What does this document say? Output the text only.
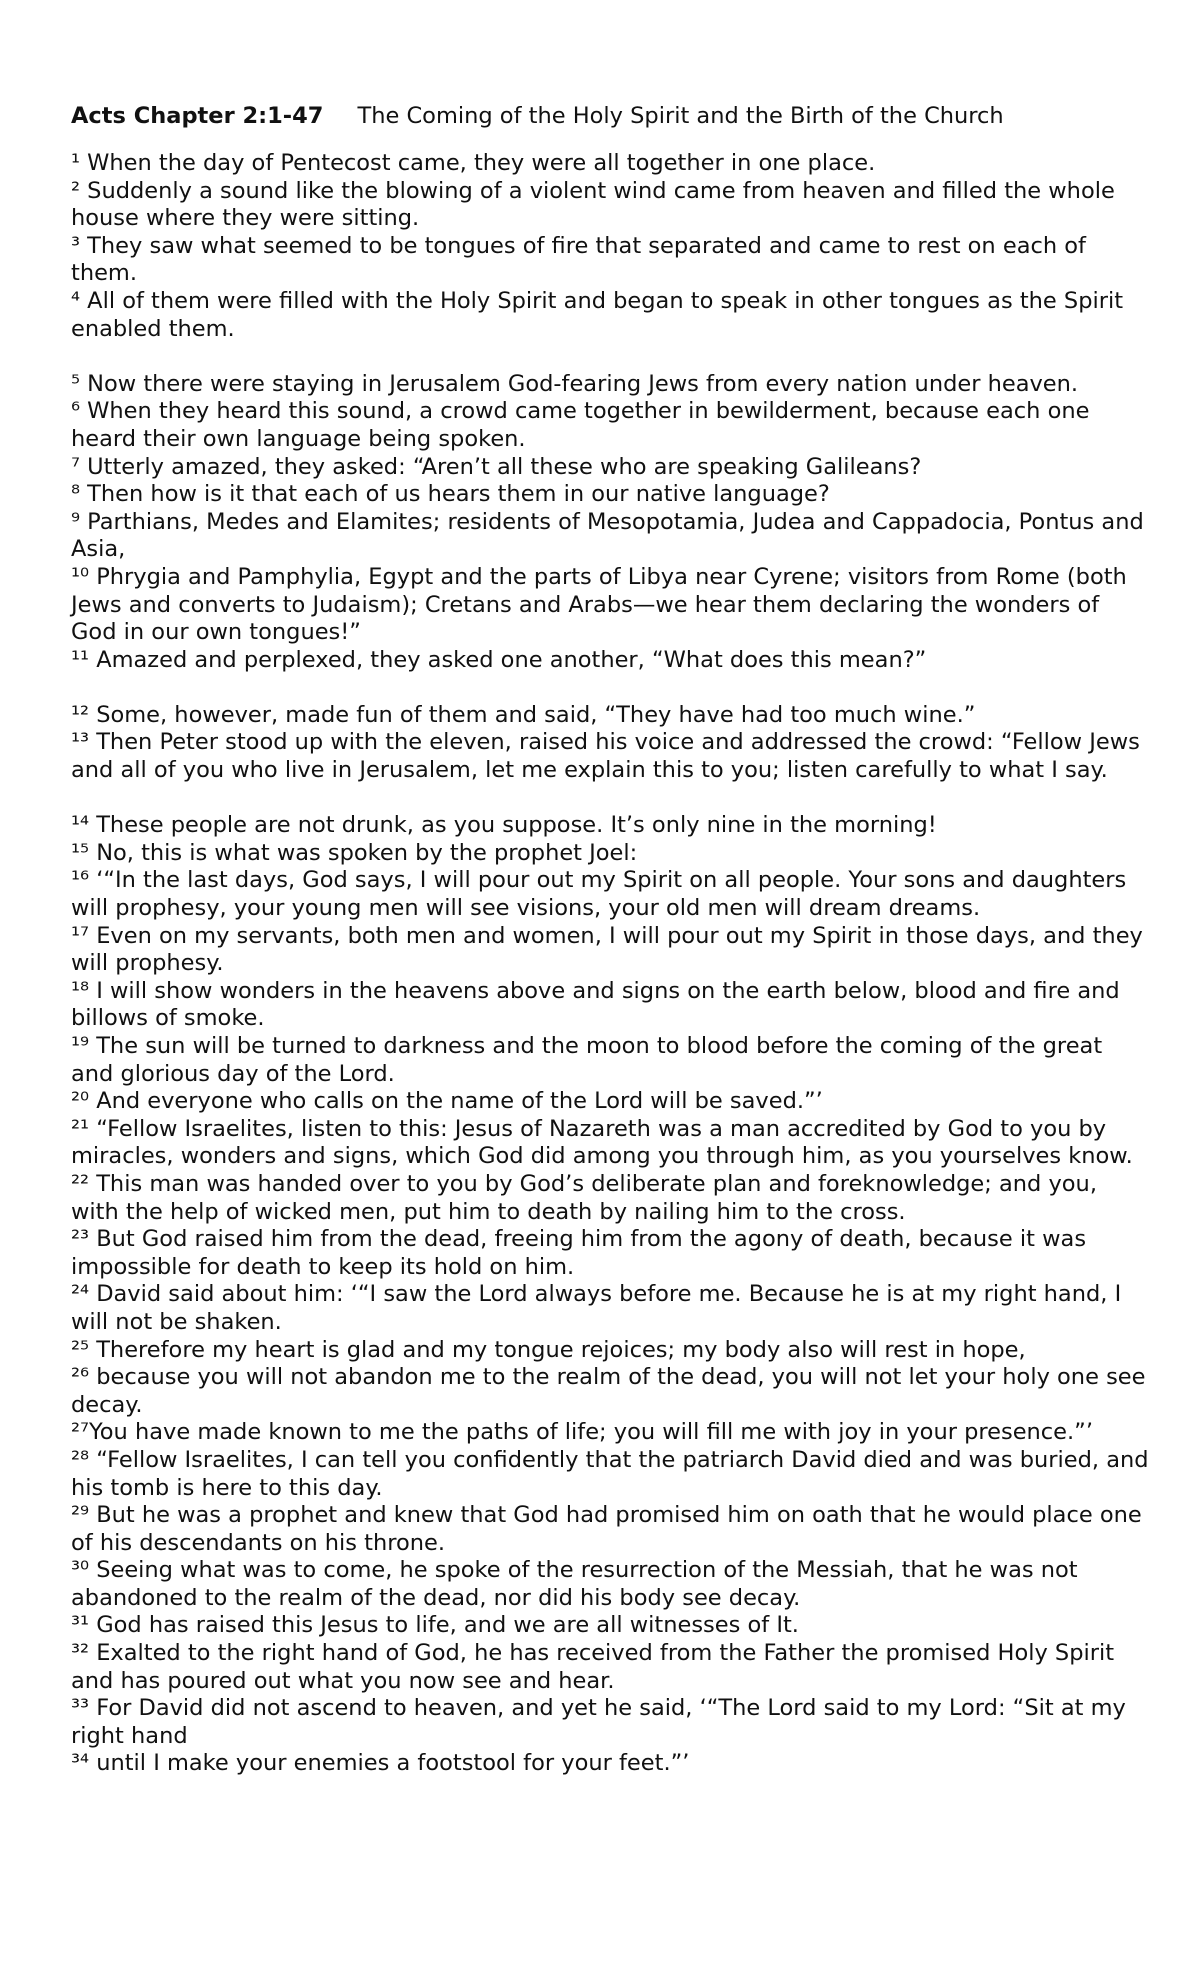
Acts Chapter 2:1-47 The Coming of the Holy Spirit and the Birth of the Church

¹ When the day of Pentecost came, they were all together in one place.

² Suddenly a sound like the blowing of a violent wind came from heaven and filled the whole house where they were sitting.

³ They saw what seemed to be tongues of fire that separated and came to rest on each of them.

⁴ All of them were filled with the Holy Spirit and began to speak in other tongues as the Spirit enabled them.

⁵ Now there were staying in Jerusalem God-fearing Jews from every nation under heaven.

⁶ When they heard this sound, a crowd came together in bewilderment, because each one heard their own language being spoken.

⁷ Utterly amazed, they asked: “Aren’t all these who are speaking Galileans?

⁸ Then how is it that each of us hears them in our native language?

⁹ Parthians, Medes and Elamites; residents of Mesopotamia, Judea and Cappadocia, Pontus and Asia,

¹⁰ Phrygia and Pamphylia, Egypt and the parts of Libya near Cyrene; visitors from Rome (both Jews and converts to Judaism); Cretans and Arabs—we hear them declaring the wonders of God in our own tongues!”

¹¹ Amazed and perplexed, they asked one another, “What does this mean?”

¹² Some, however, made fun of them and said, “They have had too much wine.”

¹³ Then Peter stood up with the eleven, raised his voice and addressed the crowd: “Fellow Jews and all of you who live in Jerusalem, let me explain this to you; listen carefully to what I say.

¹⁴ These people are not drunk, as you suppose. It’s only nine in the morning!

¹⁵ No, this is what was spoken by the prophet Joel:

¹⁶ ‘“In the last days, God says, I will pour out my Spirit on all people. Your sons and daughters will prophesy, your young men will see visions, your old men will dream dreams.

¹⁷ Even on my servants, both men and women, I will pour out my Spirit in those days, and they will prophesy.

¹⁸ I will show wonders in the heavens above and signs on the earth below, blood and fire and billows of smoke.

¹⁹ The sun will be turned to darkness and the moon to blood before the coming of the great and glorious day of the Lord.

²⁰ And everyone who calls on the name of the Lord will be saved.”’

²¹ “Fellow Israelites, listen to this: Jesus of Nazareth was a man accredited by God to you by miracles, wonders and signs, which God did among you through him, as you yourselves know.

²² This man was handed over to you by God’s deliberate plan and foreknowledge; and you, with the help of wicked men, put him to death by nailing him to the cross.

²³ But God raised him from the dead, freeing him from the agony of death, because it was impossible for death to keep its hold on him.

²⁴ David said about him: ‘“I saw the Lord always before me. Because he is at my right hand, I will not be shaken.

²⁵ Therefore my heart is glad and my tongue rejoices; my body also will rest in hope,

²⁶ because you will not abandon me to the realm of the dead, you will not let your holy one see decay.

²⁷You have made known to me the paths of life; you will fill me with joy in your presence.”’

²⁸ “Fellow Israelites, I can tell you confidently that the patriarch David died and was buried, and his tomb is here to this day.

²⁹ But he was a prophet and knew that God had promised him on oath that he would place one of his descendants on his throne.

³⁰ Seeing what was to come, he spoke of the resurrection of the Messiah, that he was not abandoned to the realm of the dead, nor did his body see decay.

³¹ God has raised this Jesus to life, and we are all witnesses of It.

³² Exalted to the right hand of God, he has received from the Father the promised Holy Spirit and has poured out what you now see and hear.

³³ For David did not ascend to heaven, and yet he said, ‘“The Lord said to my Lord: “Sit at my right hand

³⁴ until I make your enemies a footstool for your feet.”’
